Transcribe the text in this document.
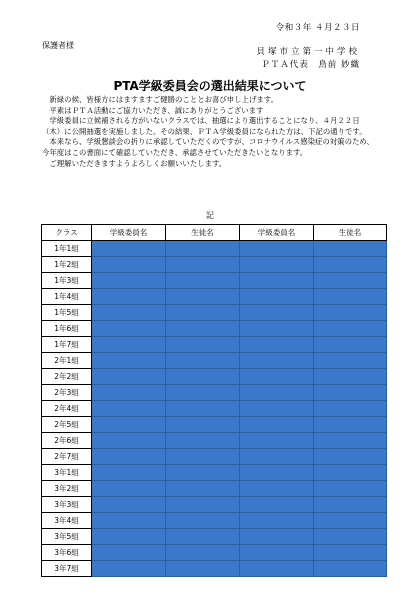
令和３年 ４月２３日
保護者様
貝塚市立第一中学校
ＰＴＡ代表　鳥前 妙織
PTA学級委員会の選出結果について

新緑の候、皆様方にはますますご健勝のこととお喜び申し上げます。

平素はＰＴＡ活動にご協力いただき、誠にありがとうございます

学級委員に立候補される方がいないクラスでは、抽選により選出することになり、４月２２日（木）に公開抽選を実施しました。その結果、ＰＴＡ学級委員になられた方は、下記の通りです。

本来なら、学級懇談会の折りに承認していただくのですが、コロナウイルス感染症の対策のため、今年度はこの書面にて確認していただき、承認させていただきたいとなります。

ご理解いただきますようよろしくお願いいたします。

記
クラス	学級委員名	生徒名	学級委員名	生徒名
1年1組				
1年2組				
1年3組				
1年4組				
1年5組				
1年6組				
1年7組				
2年1組				
2年2組				
2年3組				
2年4組				
2年5組				
2年6組				
2年7組				
3年1組				
3年2組				
3年3組				
3年4組				
3年5組				
3年6組				
3年7組				
